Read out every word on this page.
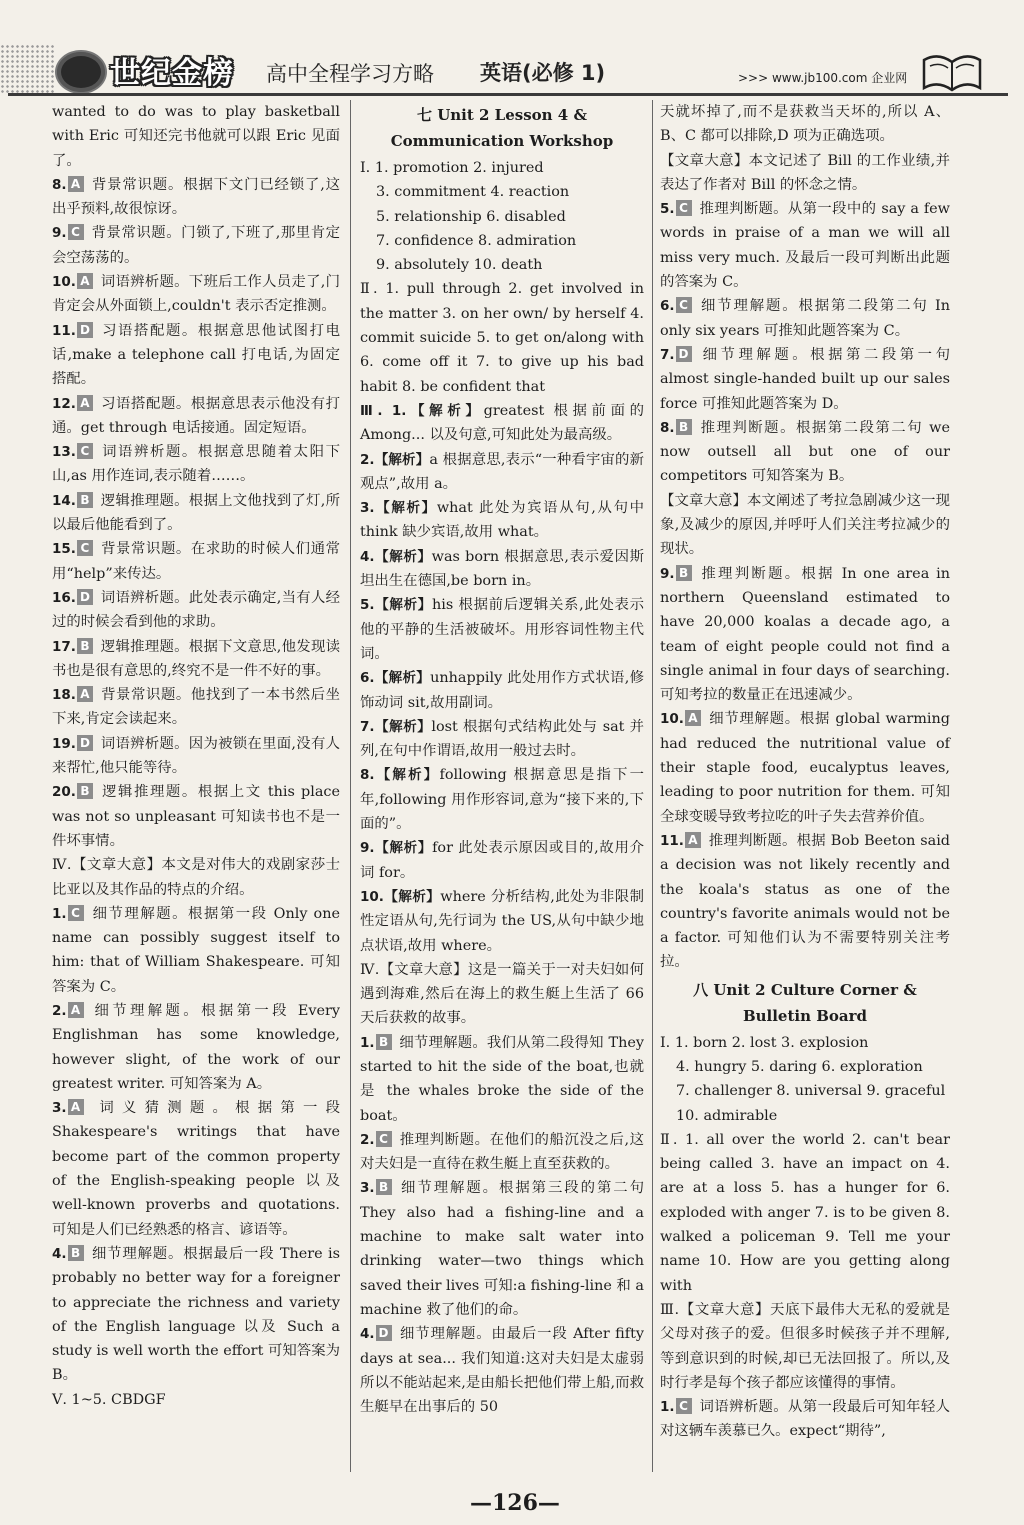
世纪金榜 高中全程学习方略 英语(必修 1)	>>> www.jb100.com 企业网

wanted to do was to play basketball with Eric 可知还完书他就可以跟 Eric 见面了。

8. A 背景常识题。根据下文门已经锁了,这出乎预料,故很惊讶。

9. C 背景常识题。门锁了,下班了,那里肯定会空荡荡的。

10. A 词语辨析题。下班后工作人员走了,门肯定会从外面锁上,couldn't 表示否定推测。

11. D 习语搭配题。根据意思他试图打电话,make a telephone call 打电话,为固定搭配。

12. A 习语搭配题。根据意思表示他没有打通。get through 电话接通。固定短语。

13. C 词语辨析题。根据意思随着太阳下山,as 用作连词,表示随着……。

14. B 逻辑推理题。根据上文他找到了灯,所以最后他能看到了。

15. C 背景常识题。在求助的时候人们通常用“help”来传达。

16. D 词语辨析题。此处表示确定,当有人经过的时候会看到他的求助。

17. B 逻辑推理题。根据下文意思,他发现读书也是很有意思的,终究不是一件不好的事。

18. A 背景常识题。他找到了一本书然后坐下来,肯定会读起来。

19. D 词语辨析题。因为被锁在里面,没有人来帮忙,他只能等待。

20. B 逻辑推理题。根据上文 this place was not so unpleasant 可知读书也不是一件坏事情。

Ⅳ.【文章大意】本文是对伟大的戏剧家莎士比亚以及其作品的特点的介绍。

1. C 细节理解题。根据第一段 Only one name can possibly suggest itself to him: that of William Shakespeare. 可知答案为 C。

2. A 细节理解题。根据第一段 Every Englishman has some knowledge, however slight, of the work of our greatest writer. 可知答案为 A。

3. A 词义猜测题。根据第一段 Shakespeare's writings that have become part of the common property of the English-speaking people 以及 well-known proverbs and quotations. 可知是人们已经熟悉的格言、谚语等。

4. B 细节理解题。根据最后一段 There is probably no better way for a foreigner to appreciate the richness and variety of the English language 以及 Such a study is well worth the effort 可知答案为 B。

Ⅴ. 1~5. CBDGF

七 Unit 2 Lesson 4 & Communication Workshop

Ⅰ. 1. promotion 2. injured

3. commitment 4. reaction

5. relationship 6. disabled

7. confidence 8. admiration

9. absolutely 10. death

Ⅱ. 1. pull through 2. get involved in the matter 3. on her own/ by herself 4. commit suicide 5. to get on/along with 6. come off it 7. to give up his bad habit 8. be confident that

Ⅲ. 1.【解析】greatest 根据前面的 Among... 以及句意,可知此处为最高级。

2.【解析】a 根据意思,表示“一种看宇宙的新观点”,故用 a。

3.【解析】what 此处为宾语从句,从句中 think 缺少宾语,故用 what。

4.【解析】was born 根据意思,表示爱因斯坦出生在德国,be born in。

5.【解析】his 根据前后逻辑关系,此处表示他的平静的生活被破坏。用形容词性物主代词。

6.【解析】unhappily 此处用作方式状语,修饰动词 sit,故用副词。

7.【解析】lost 根据句式结构此处与 sat 并列,在句中作谓语,故用一般过去时。

8.【解析】following 根据意思是指下一年,following 用作形容词,意为“接下来的,下面的”。

9.【解析】for 此处表示原因或目的,故用介词 for。

10.【解析】where 分析结构,此处为非限制性定语从句,先行词为 the US,从句中缺少地点状语,故用 where。

Ⅳ.【文章大意】这是一篇关于一对夫妇如何遇到海难,然后在海上的救生艇上生活了 66 天后获救的故事。

1. B 细节理解题。我们从第二段得知 They started to hit the side of the boat,也就是 the whales broke the side of the boat。

2. C 推理判断题。在他们的船沉没之后,这对夫妇是一直待在救生艇上直至获救的。

3. B 细节理解题。根据第三段的第二句 They also had a fishing-line and a machine to make salt water into drinking water—two things which saved their lives 可知:a fishing-line 和 a machine 救了他们的命。

4. D 细节理解题。由最后一段 After fifty days at sea... 我们知道:这对夫妇是太虚弱所以不能站起来,是由船长把他们带上船,而救生艇早在出事后的 50

天就坏掉了,而不是获救当天坏的,所以 A、B、C 都可以排除,D 项为正确选项。

【文章大意】本文记述了 Bill 的工作业绩,并表达了作者对 Bill 的怀念之情。

5. C 推理判断题。从第一段中的 say a few words in praise of a man we will all miss very much. 及最后一段可判断出此题的答案为 C。

6. C 细节理解题。根据第二段第二句 In only six years 可推知此题答案为 C。

7. D 细节理解题。根据第二段第一句 almost single-handed built up our sales force 可推知此题答案为 D。

8. B 推理判断题。根据第二段第二句 we now outsell all but one of our competitors 可知答案为 B。

【文章大意】本文阐述了考拉急剧减少这一现象,及减少的原因,并呼吁人们关注考拉减少的现状。

9. B 推理判断题。根据 In one area in northern Queensland estimated to have 20,000 koalas a decade ago, a team of eight people could not find a single animal in four days of searching. 可知考拉的数量正在迅速减少。

10. A 细节理解题。根据 global warming had reduced the nutritional value of their staple food, eucalyptus leaves, leading to poor nutrition for them. 可知全球变暖导致考拉吃的叶子失去营养价值。

11. A 推理判断题。根据 Bob Beeton said a decision was not likely recently and the koala's status as one of the country's favorite animals would not be a factor. 可知他们认为不需要特别关注考拉。

八 Unit 2 Culture Corner & Bulletin Board

Ⅰ. 1. born 2. lost 3. explosion

4. hungry 5. daring 6. exploration

7. challenger 8. universal 9. graceful

10. admirable

Ⅱ. 1. all over the world 2. can't bear being called 3. have an impact on 4. are at a loss 5. has a hunger for 6. exploded with anger 7. is to be given 8. walked a policeman 9. Tell me your name 10. How are you getting along with

Ⅲ.【文章大意】天底下最伟大无私的爱就是父母对孩子的爱。但很多时候孩子并不理解,等到意识到的时候,却已无法回报了。所以,及时行孝是每个孩子都应该懂得的事情。

1. C 词语辨析题。从第一段最后可知年轻人对这辆车羡慕已久。expect“期待”,

—126—
